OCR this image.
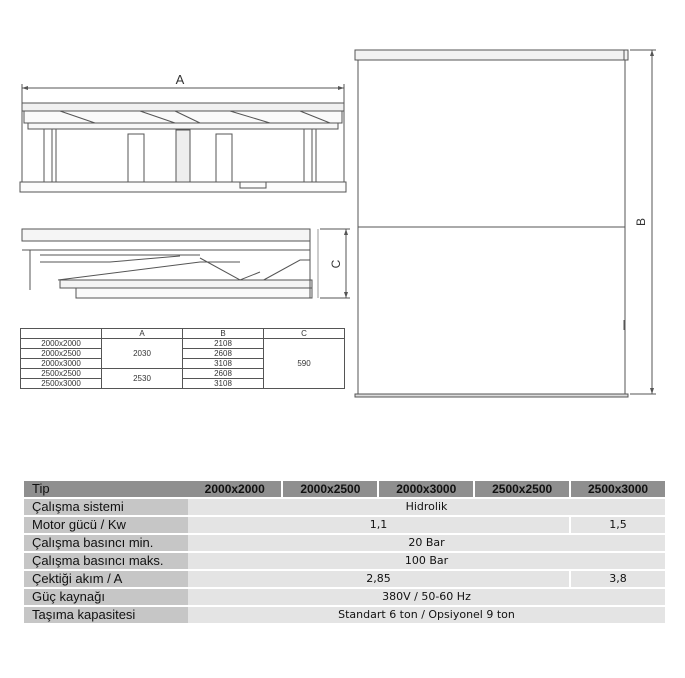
A
C
B
	A	B	C
2000x2000	2030	2108	590
2000x2500		2608	
2000x3000		3108	
2500x2500	2530	2608	
2500x3000		3108	
Tip	2000x2000	2000x2500	2000x3000	2500x2500	2500x3000
Çalışma sistemi	Hidrolik				
Motor gücü / Kw	1,1				1,5
Çalışma basıncı min.	20 Bar				
Çalışma basıncı maks.	100 Bar				
Çektiği akım / A	2,85				3,8
Güç kaynağı	380V / 50-60 Hz				
Taşıma kapasitesi	Standart 6 ton / Opsiyonel 9 ton				
